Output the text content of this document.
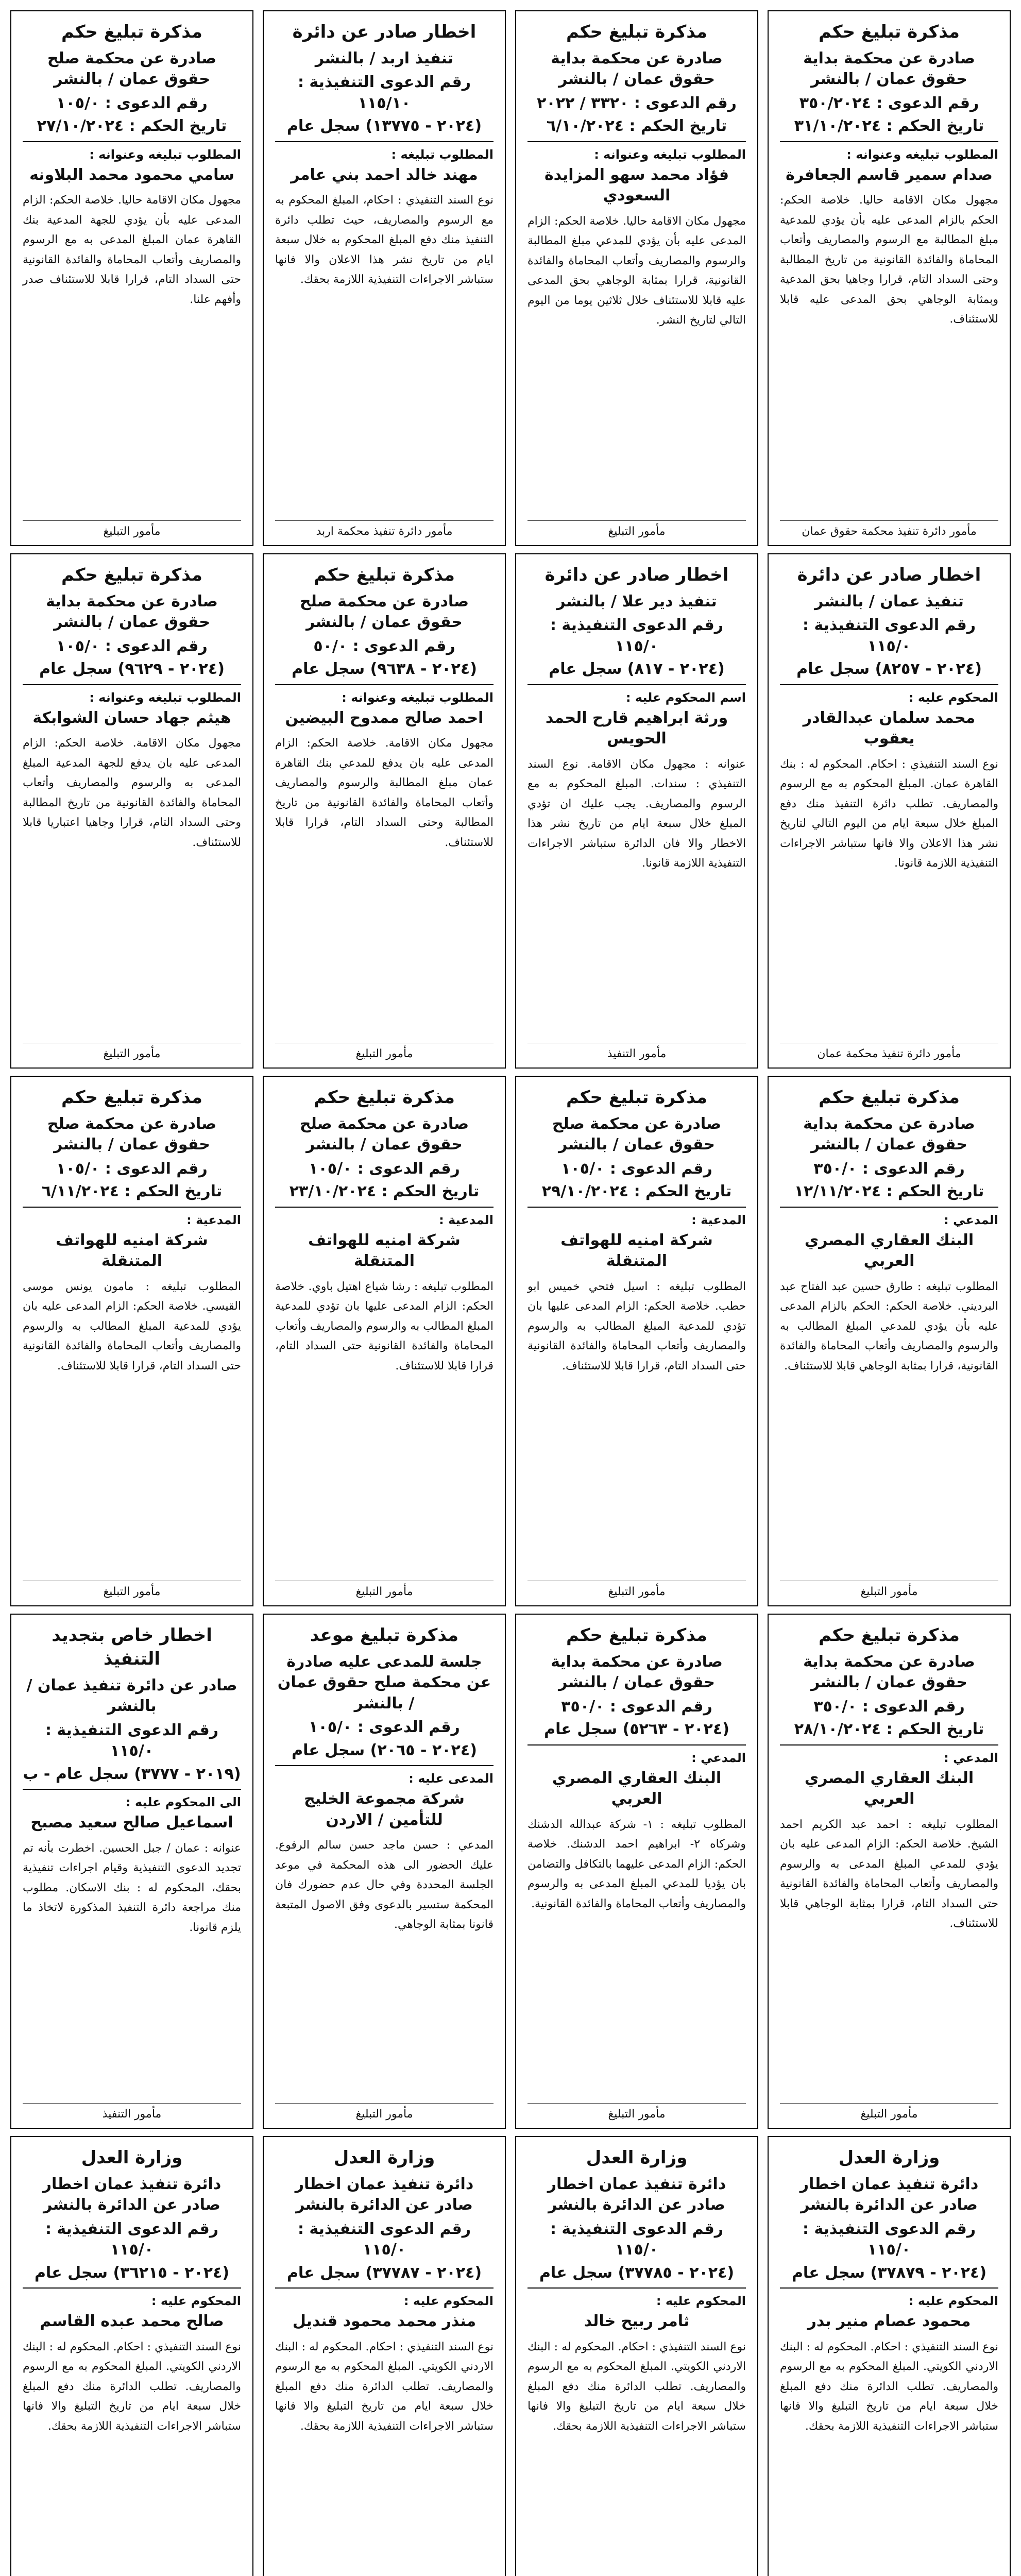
مذكرة تبليغ حكم
صادرة عن محكمة بداية حقوق عمان / بالنشر
رقم الدعوى : ٣٥٠/٢٠٢٤
تاريخ الحكم : ٣١/١٠/٢٠٢٤
المطلوب تبليغه وعنوانه :
صدام سمير قاسم الجعافرة
مجهول مكان الاقامة حاليا. خلاصة الحكم: الحكم بالزام المدعى عليه بأن يؤدي للمدعية مبلغ المطالبة مع الرسوم والمصاريف وأتعاب المحاماة والفائدة القانونية من تاريخ المطالبة وحتى السداد التام، قرارا وجاهيا بحق المدعية وبمثابة الوجاهي بحق المدعى عليه قابلا للاستئناف.
مأمور دائرة تنفيذ محكمة حقوق عمان
مذكرة تبليغ حكم
صادرة عن محكمة بداية حقوق عمان / بالنشر
رقم الدعوى : ٣٣٢٠ / ٢٠٢٢
تاريخ الحكم : ٦/١٠/٢٠٢٤
المطلوب تبليغه وعنوانه :
فؤاد محمد سهو المزايدة السعودي
مجهول مكان الاقامة حاليا. خلاصة الحكم: الزام المدعى عليه بأن يؤدي للمدعي مبلغ المطالبة والرسوم والمصاريف وأتعاب المحاماة والفائدة القانونية، قرارا بمثابة الوجاهي بحق المدعى عليه قابلا للاستئناف خلال ثلاثين يوما من اليوم التالي لتاريخ النشر.
مأمور التبليغ
اخطار صادر عن دائرة
تنفيذ اربد / بالنشر
رقم الدعوى التنفيذية : ١١٥/١٠
(٢٠٢٤ - ١٣٧٧٥) سجل عام
المطلوب تبليغه :
مهند خالد احمد بني عامر
نوع السند التنفيذي : احكام، المبلغ المحكوم به مع الرسوم والمصاريف، حيث تطلب دائرة التنفيذ منك دفع المبلغ المحكوم به خلال سبعة ايام من تاريخ نشر هذا الاعلان والا فانها ستباشر الاجراءات التنفيذية اللازمة بحقك.
مأمور دائرة تنفيذ محكمة اربد
مذكرة تبليغ حكم
صادرة عن محكمة صلح حقوق عمان / بالنشر
رقم الدعوى : ١٠٥/٠
تاريخ الحكم : ٢٧/١٠/٢٠٢٤
المطلوب تبليغه وعنوانه :
سامي محمود محمد البلاونه
مجهول مكان الاقامة حاليا. خلاصة الحكم: الزام المدعى عليه بأن يؤدي للجهة المدعية بنك القاهرة عمان المبلغ المدعى به مع الرسوم والمصاريف وأتعاب المحاماة والفائدة القانونية حتى السداد التام، قرارا قابلا للاستئناف صدر وأفهم علنا.
مأمور التبليغ
اخطار صادر عن دائرة
تنفيذ عمان / بالنشر
رقم الدعوى التنفيذية : ١١٥/٠
(٢٠٢٤ - ٨٢٥٧) سجل عام
المحكوم عليه :
محمد سلمان عبدالقادر يعقوب
نوع السند التنفيذي : احكام. المحكوم له : بنك القاهرة عمان. المبلغ المحكوم به مع الرسوم والمصاريف. تطلب دائرة التنفيذ منك دفع المبلغ خلال سبعة ايام من اليوم التالي لتاريخ نشر هذا الاعلان والا فانها ستباشر الاجراءات التنفيذية اللازمة قانونا.
مأمور دائرة تنفيذ محكمة عمان
اخطار صادر عن دائرة
تنفيذ دير علا / بالنشر
رقم الدعوى التنفيذية : ١١٥/٠
(٢٠٢٤ - ٨١٧) سجل عام
اسم المحكوم عليه :
ورثة ابراهيم قارح الحمد الحويس
عنوانه : مجهول مكان الاقامة. نوع السند التنفيذي : سندات. المبلغ المحكوم به مع الرسوم والمصاريف. يجب عليك ان تؤدي المبلغ خلال سبعة ايام من تاريخ نشر هذا الاخطار والا فان الدائرة ستباشر الاجراءات التنفيذية اللازمة قانونا.
مأمور التنفيذ
مذكرة تبليغ حكم
صادرة عن محكمة صلح حقوق عمان / بالنشر
رقم الدعوى : ٥٠/٠
(٢٠٢٤ - ٩٦٣٨) سجل عام
المطلوب تبليغه وعنوانه :
احمد صالح ممدوح البيضين
مجهول مكان الاقامة. خلاصة الحكم: الزام المدعى عليه بان يدفع للمدعي بنك القاهرة عمان مبلغ المطالبة والرسوم والمصاريف وأتعاب المحاماة والفائدة القانونية من تاريخ المطالبة وحتى السداد التام، قرارا قابلا للاستئناف.
مأمور التبليغ
مذكرة تبليغ حكم
صادرة عن محكمة بداية حقوق عمان / بالنشر
رقم الدعوى : ١٠٥/٠
(٢٠٢٤ - ٩٦٢٩) سجل عام
المطلوب تبليغه وعنوانه :
هيثم جهاد حسان الشوابكة
مجهول مكان الاقامة. خلاصة الحكم: الزام المدعى عليه بان يدفع للجهة المدعية المبلغ المدعى به والرسوم والمصاريف وأتعاب المحاماة والفائدة القانونية من تاريخ المطالبة وحتى السداد التام، قرارا وجاهيا اعتباريا قابلا للاستئناف.
مأمور التبليغ
مذكرة تبليغ حكم
صادرة عن محكمة بداية حقوق عمان / بالنشر
رقم الدعوى : ٣٥٠/٠
تاريخ الحكم : ١٢/١١/٢٠٢٤
المدعي :
البنك العقاري المصري العربي
المطلوب تبليغه : طارق حسين عبد الفتاح عبد البرديني. خلاصة الحكم: الحكم بالزام المدعى عليه بأن يؤدي للمدعي المبلغ المطالب به والرسوم والمصاريف وأتعاب المحاماة والفائدة القانونية، قرارا بمثابة الوجاهي قابلا للاستئناف.
مأمور التبليغ
مذكرة تبليغ حكم
صادرة عن محكمة صلح حقوق عمان / بالنشر
رقم الدعوى : ١٠٥/٠
تاريخ الحكم : ٢٩/١٠/٢٠٢٤
المدعية :
شركة امنيه للهواتف المتنقلة
المطلوب تبليغه : اسيل فتحي خميس ابو حطب. خلاصة الحكم: الزام المدعى عليها بان تؤدي للمدعية المبلغ المطالب به والرسوم والمصاريف وأتعاب المحاماة والفائدة القانونية حتى السداد التام، قرارا قابلا للاستئناف.
مأمور التبليغ
مذكرة تبليغ حكم
صادرة عن محكمة صلح حقوق عمان / بالنشر
رقم الدعوى : ١٠٥/٠
تاريخ الحكم : ٢٣/١٠/٢٠٢٤
المدعية :
شركة امنيه للهواتف المتنقلة
المطلوب تبليغه : رشا شياع اهتيل باوي. خلاصة الحكم: الزام المدعى عليها بان تؤدي للمدعية المبلغ المطالب به والرسوم والمصاريف وأتعاب المحاماة والفائدة القانونية حتى السداد التام، قرارا قابلا للاستئناف.
مأمور التبليغ
مذكرة تبليغ حكم
صادرة عن محكمة صلح حقوق عمان / بالنشر
رقم الدعوى : ١٠٥/٠
تاريخ الحكم : ٦/١١/٢٠٢٤
المدعية :
شركة امنيه للهواتف المتنقلة
المطلوب تبليغه : مامون يونس موسى القيسي. خلاصة الحكم: الزام المدعى عليه بان يؤدي للمدعية المبلغ المطالب به والرسوم والمصاريف وأتعاب المحاماة والفائدة القانونية حتى السداد التام، قرارا قابلا للاستئناف.
مأمور التبليغ
مذكرة تبليغ حكم
صادرة عن محكمة بداية حقوق عمان / بالنشر
رقم الدعوى : ٣٥٠/٠
تاريخ الحكم : ٢٨/١٠/٢٠٢٤
المدعي :
البنك العقاري المصري العربي
المطلوب تبليغه : احمد عبد الكريم احمد الشيخ. خلاصة الحكم: الزام المدعى عليه بان يؤدي للمدعي المبلغ المدعى به والرسوم والمصاريف وأتعاب المحاماة والفائدة القانونية حتى السداد التام، قرارا بمثابة الوجاهي قابلا للاستئناف.
مأمور التبليغ
مذكرة تبليغ حكم
صادرة عن محكمة بداية حقوق عمان / بالنشر
رقم الدعوى : ٣٥٠/٠
(٢٠٢٤ - ٥٢٦٣) سجل عام
المدعي :
البنك العقاري المصري العربي
المطلوب تبليغه : ١- شركة عبدالله الدشنك وشركاه ٢- ابراهيم احمد الدشنك. خلاصة الحكم: الزام المدعى عليهما بالتكافل والتضامن بان يؤديا للمدعي المبلغ المدعى به والرسوم والمصاريف وأتعاب المحاماة والفائدة القانونية.
مأمور التبليغ
مذكرة تبليغ موعد
جلسة للمدعى عليه صادرة عن محكمة صلح حقوق عمان / بالنشر
رقم الدعوى : ١٠٥/٠
(٢٠٢٤ - ٢٠٦٥) سجل عام
المدعى عليه :
شركة مجموعة الخليج للتأمين / الاردن
المدعي : حسن ماجد حسن سالم الرفوع. عليك الحضور الى هذه المحكمة في موعد الجلسة المحددة وفي حال عدم حضورك فان المحكمة ستسير بالدعوى وفق الاصول المتبعة قانونا بمثابة الوجاهي.
مأمور التبليغ
اخطار خاص بتجديد التنفيذ
صادر عن دائرة تنفيذ عمان / بالنشر
رقم الدعوى التنفيذية : ١١٥/٠
(٢٠١٩ - ٣٧٧٧) سجل عام - ب
الى المحكوم عليه :
اسماعيل صالح سعيد مصبح
عنوانه : عمان / جبل الحسين. اخطرت بأنه تم تجديد الدعوى التنفيذية وقيام اجراءات تنفيذية بحقك، المحكوم له : بنك الاسكان. مطلوب منك مراجعة دائرة التنفيذ المذكورة لاتخاذ ما يلزم قانونا.
مأمور التنفيذ
وزارة العدل
دائرة تنفيذ عمان اخطار صادر عن الدائرة بالنشر
رقم الدعوى التنفيذية : ١١٥/٠
(٢٠٢٤ - ٣٧٨٧٩) سجل عام
المحكوم عليه :
محمود عصام منير بدر
نوع السند التنفيذي : احكام. المحكوم له : البنك الاردني الكويتي. المبلغ المحكوم به مع الرسوم والمصاريف. تطلب الدائرة منك دفع المبلغ خلال سبعة ايام من تاريخ التبليغ والا فانها ستباشر الاجراءات التنفيذية اللازمة بحقك.
وزارة العدل
دائرة تنفيذ عمان اخطار صادر عن الدائرة بالنشر
رقم الدعوى التنفيذية : ١١٥/٠
(٢٠٢٤ - ٣٧٧٨٥) سجل عام
المحكوم عليه :
ثامر ربيح خالد
نوع السند التنفيذي : احكام. المحكوم له : البنك الاردني الكويتي. المبلغ المحكوم به مع الرسوم والمصاريف. تطلب الدائرة منك دفع المبلغ خلال سبعة ايام من تاريخ التبليغ والا فانها ستباشر الاجراءات التنفيذية اللازمة بحقك.
وزارة العدل
دائرة تنفيذ عمان اخطار صادر عن الدائرة بالنشر
رقم الدعوى التنفيذية : ١١٥/٠
(٢٠٢٤ - ٣٧٧٨٧) سجل عام
المحكوم عليه :
منذر محمد محمود قنديل
نوع السند التنفيذي : احكام. المحكوم له : البنك الاردني الكويتي. المبلغ المحكوم به مع الرسوم والمصاريف. تطلب الدائرة منك دفع المبلغ خلال سبعة ايام من تاريخ التبليغ والا فانها ستباشر الاجراءات التنفيذية اللازمة بحقك.
وزارة العدل
دائرة تنفيذ عمان اخطار صادر عن الدائرة بالنشر
رقم الدعوى التنفيذية : ١١٥/٠
(٢٠٢٤ - ٣٦٢١٥) سجل عام
المحكوم عليه :
صالح محمد عبده القاسم
نوع السند التنفيذي : احكام. المحكوم له : البنك الاردني الكويتي. المبلغ المحكوم به مع الرسوم والمصاريف. تطلب الدائرة منك دفع المبلغ خلال سبعة ايام من تاريخ التبليغ والا فانها ستباشر الاجراءات التنفيذية اللازمة بحقك.
